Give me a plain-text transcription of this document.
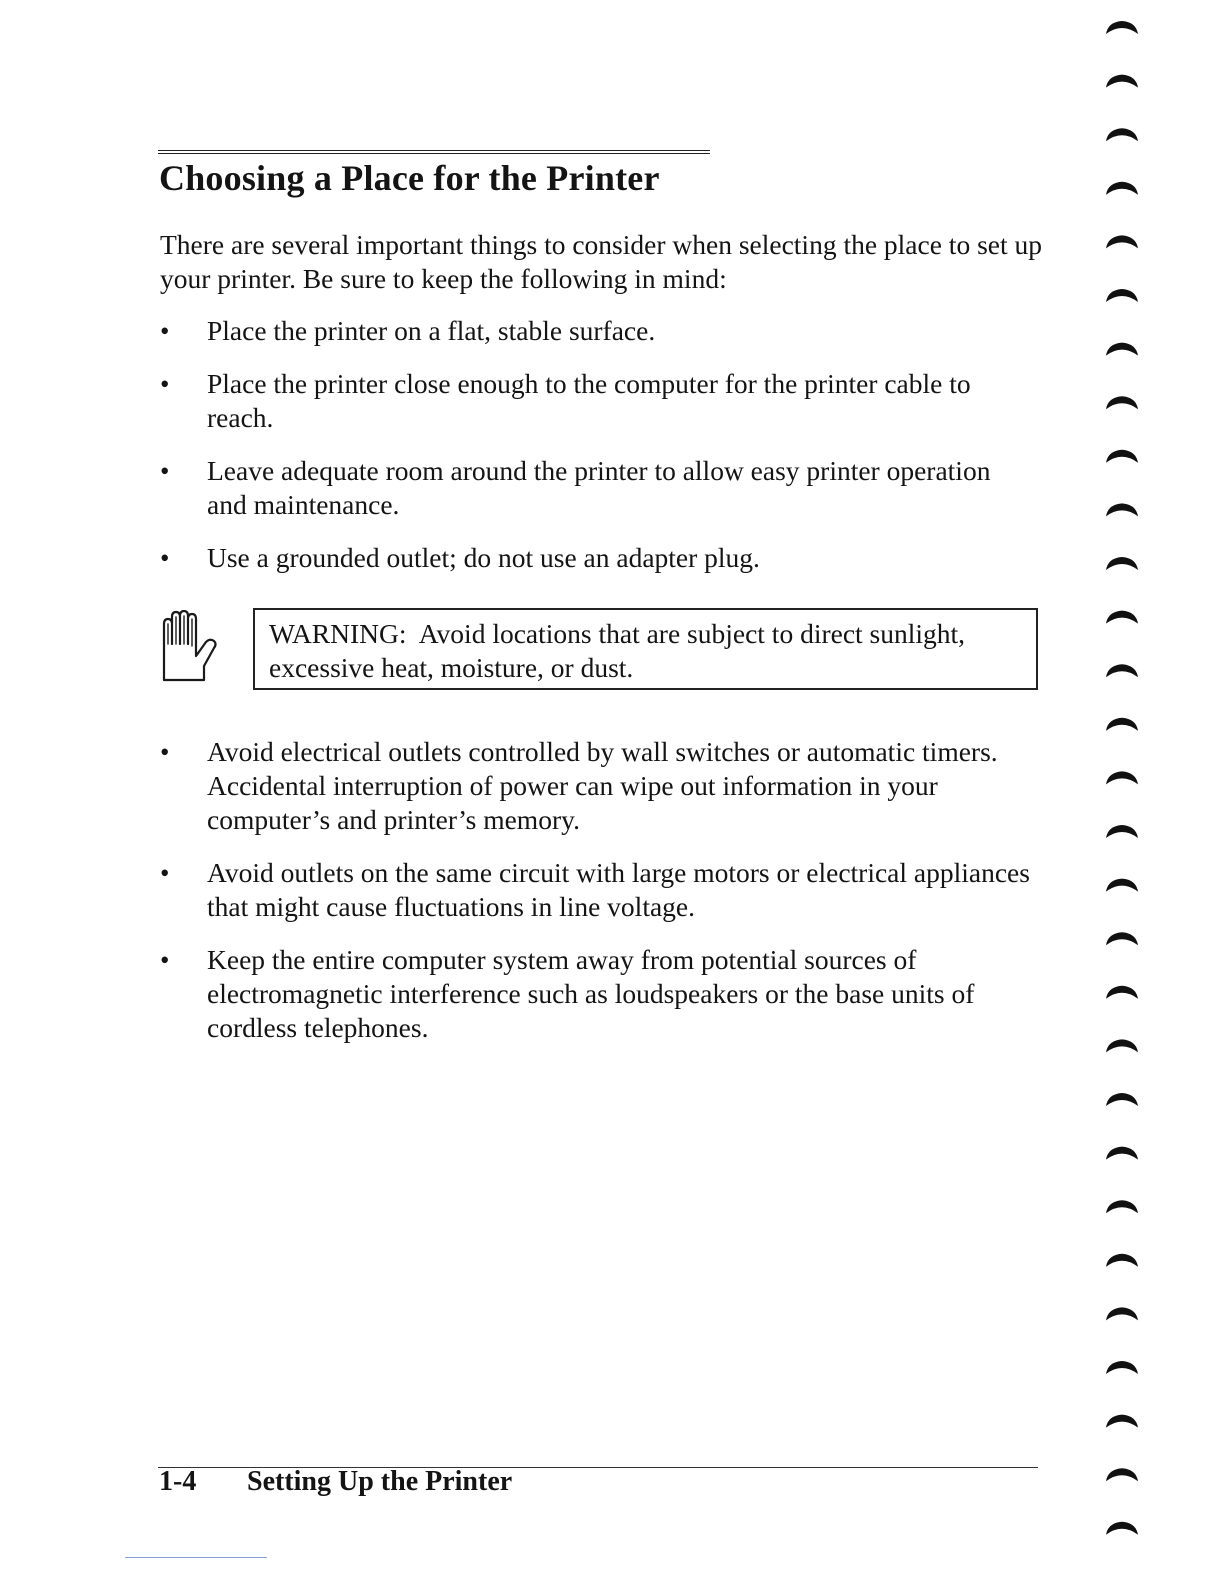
Choosing a Place for the Printer

There are several important things to consider when selecting the place to set up your printer. Be sure to keep the following in mind:

•	Place the printer on a flat, stable surface.
•	Place the printer close enough to the computer for the printer cable to reach.
•	Leave adequate room around the printer to allow easy printer operation and maintenance.
•	Use a grounded outlet; do not use an adapter plug.

WARNING: Avoid locations that are subject to direct sunlight, excessive heat, moisture, or dust.

•	Avoid electrical outlets controlled by wall switches or automatic timers. Accidental interruption of power can wipe out information in your computer’s and printer’s memory.
•	Avoid outlets on the same circuit with large motors or electrical appliances that might cause fluctuations in line voltage.
•	Keep the entire computer system away from potential sources of electromagnetic interference such as loudspeakers or the base units of cordless telephones.
1-4 Setting Up the Printer
